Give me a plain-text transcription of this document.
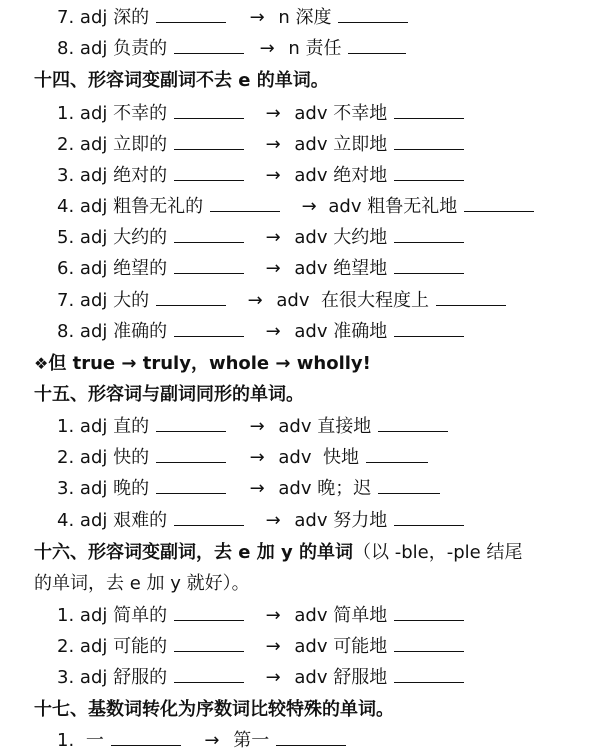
7. adj 深的	→ n 深度
8. adj 负责的	→ n 责任
十四、形容词变副词不去 e 的单词。
1. adj 不幸的	→ adv 不幸地
2. adj 立即的	→ adv 立即地
3. adj 绝对的	→ adv 绝对地
4. adj 粗鲁无礼的	→ adv 粗鲁无礼地
5. adj 大约的	→ adv 大约地
6. adj 绝望的	→ adv 绝望地
7. adj 大的	→ adv  在很大程度上
8. adj 准确的	→ adv 准确地
❖但 true → truly，whole → wholly!
十五、形容词与副词同形的单词。
1. adj 直的	→ adv 直接地
2. adj 快的	→ adv  快地
3. adj 晚的	→ adv 晚；迟
4. adj 艰难的	→ adv 努力地
十六、形容词变副词，去 e 加 y 的单词（以 -ble，-ple 结尾
的单词，去 e 加 y 就好）。
1. adj 简单的	→ adv 简单地
2. adj 可能的	→ adv 可能地
3. adj 舒服的	→ adv 舒服地
十七、基数词转化为序数词比较特殊的单词。
1. 一	→ 第一
